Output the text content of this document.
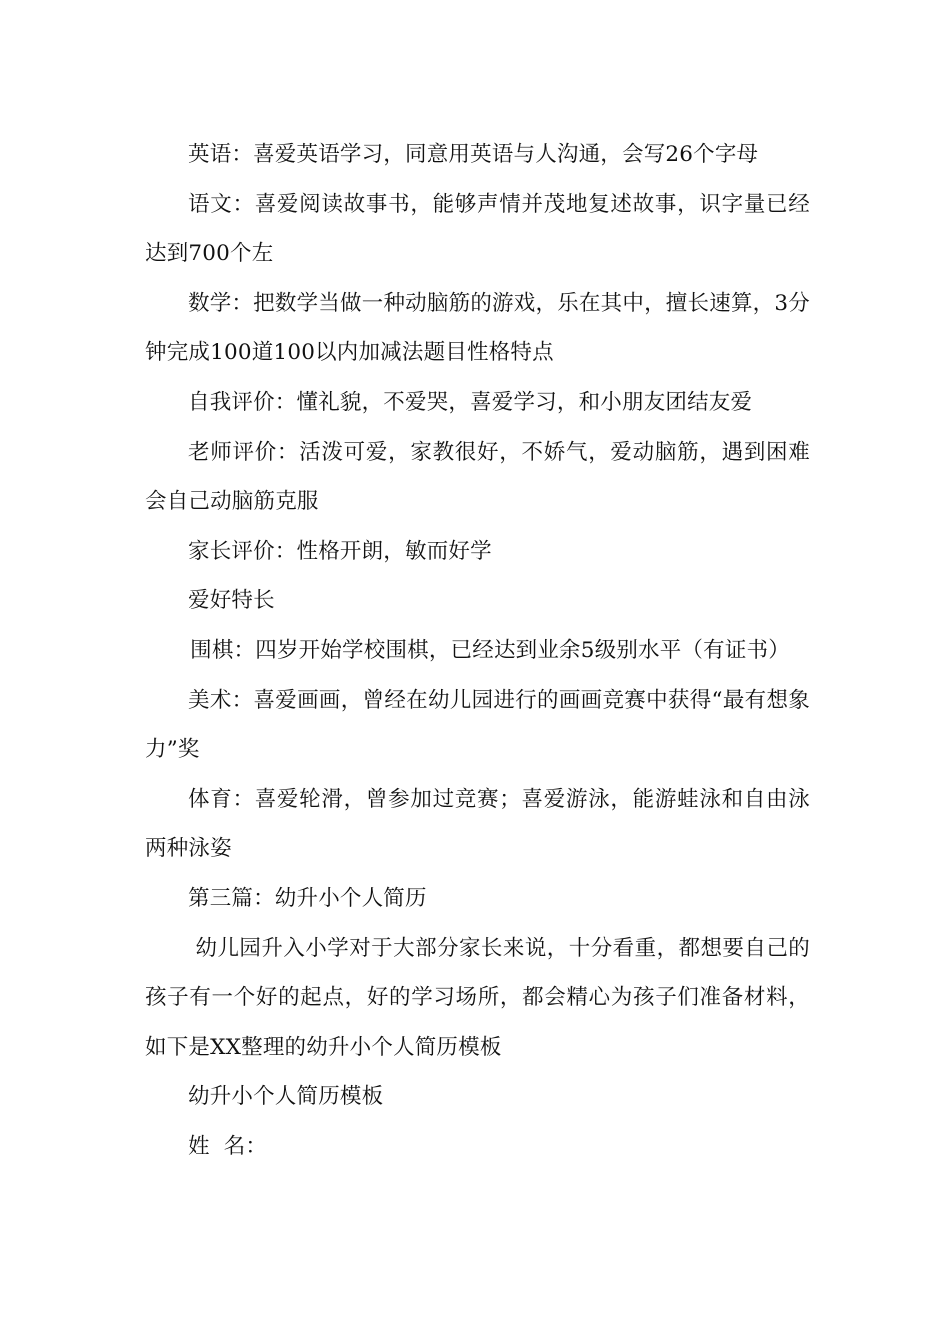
英语：喜爱英语学习，同意用英语与人沟通，会写26个字母

语文：喜爱阅读故事书，能够声情并茂地复述故事，识字量已经达到700个左

数学：把数学当做一种动脑筋的游戏，乐在其中，擅长速算，3分钟完成100道100以内加减法题目性格特点

自我评价：懂礼貌，不爱哭，喜爱学习，和小朋友团结友爱

老师评价：活泼可爱，家教很好，不娇气，爱动脑筋，遇到困难会自己动脑筋克服

家长评价：性格开朗，敏而好学

爱好特长

围棋：四岁开始学校围棋，已经达到业余5级别水平（有证书）

美术：喜爱画画，曾经在幼儿园进行的画画竞赛中获得“最有想象力”奖

体育：喜爱轮滑，曾参加过竞赛；喜爱游泳，能游蛙泳和自由泳两种泳姿

第三篇：幼升小个人简历

幼儿园升入小学对于大部分家长来说，十分看重，都想要自己的孩子有一个好的起点，好的学习场所，都会精心为孩子们准备材料，如下是XX整理的幼升小个人简历模板

幼升小个人简历模板

姓 名：
